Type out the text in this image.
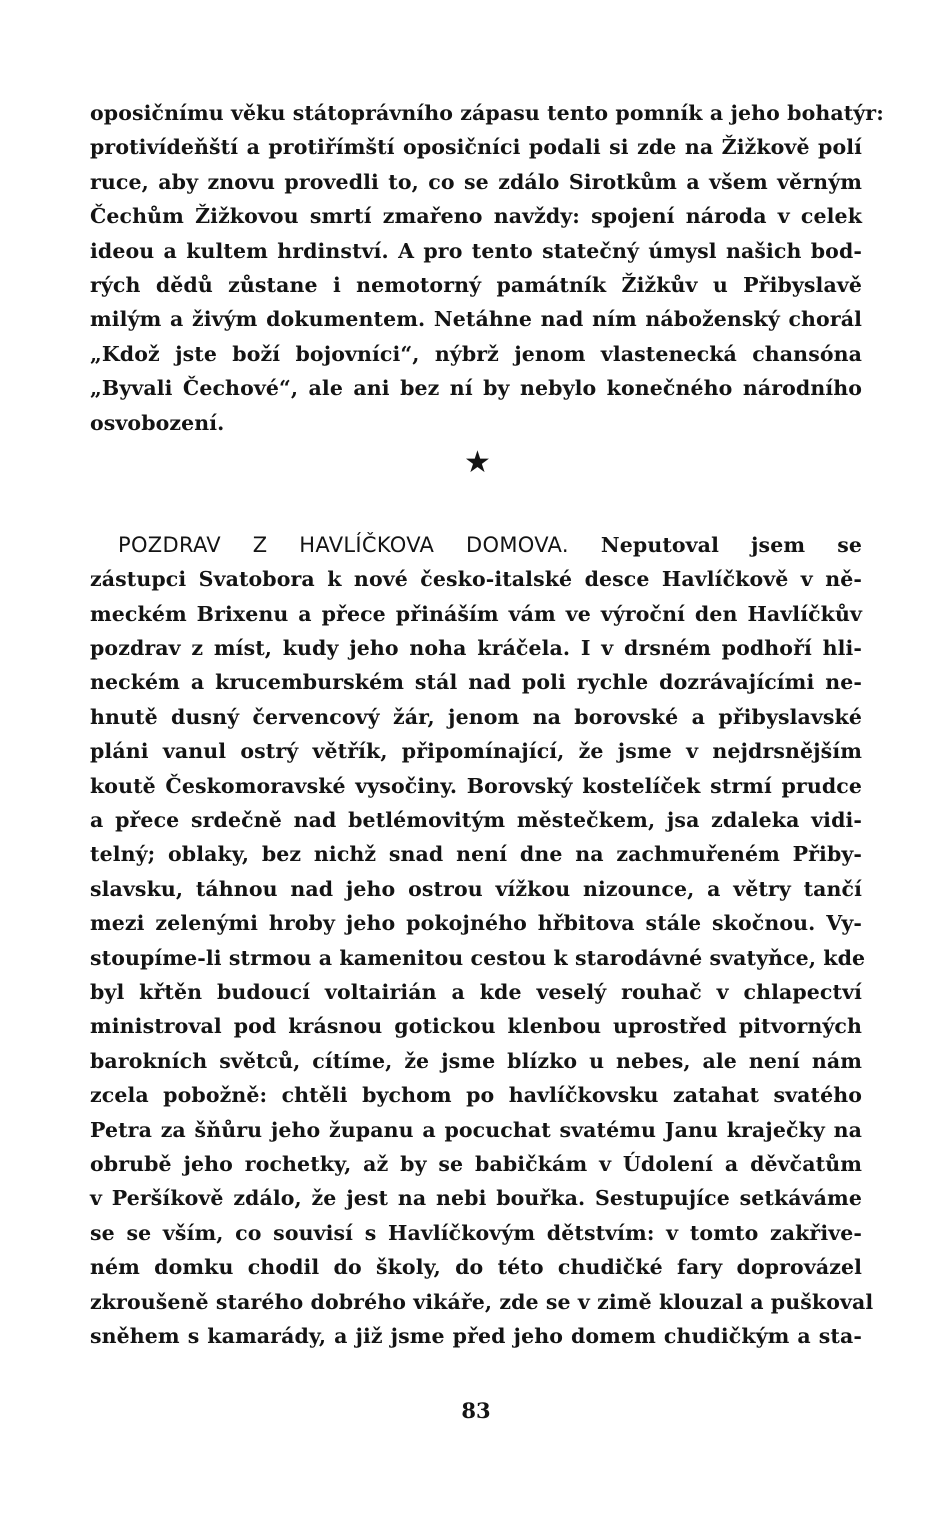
oposičnímu věku státoprávního zápasu tento pomník a jeho bohatýr:
protivídeňští a protiřímští oposičníci podali si zde na Žižkově polí
ruce, aby znovu provedli to, co se zdálo Sirotkům a všem věrným
Čechům Žižkovou smrtí zmařeno navždy: spojení národa v celek
ideou a kultem hrdinství. A pro tento statečný úmysl našich bod-
rých dědů zůstane i nemotorný památník Žižkův u Přibyslavě
milým a živým dokumentem. Netáhne nad ním náboženský chorál
„Kdož jste boží bojovníci“, nýbrž jenom vlastenecká chansóna
„Byvali Čechové“, ale ani bez ní by nebylo konečného národního
osvobození.
★
POZDRAV Z HAVLÍČKOVA DOMOVA. Neputoval jsem se
zástupci Svatobora k nové česko-italské desce Havlíčkově v ně-
meckém Brixenu a přece přináším vám ve výroční den Havlíčkův
pozdrav z míst, kudy jeho noha kráčela. I v drsném podhoří hli-
neckém a krucemburském stál nad poli rychle dozrávajícími ne-
hnutě dusný červencový žár, jenom na borovské a přibyslavské
pláni vanul ostrý větřík, připomínající, že jsme v nejdrsnějším
koutě Českomoravské vysočiny. Borovský kostelíček strmí prudce
a přece srdečně nad betlémovitým městečkem, jsa zdaleka vidi-
telný; oblaky, bez nichž snad není dne na zachmuřeném Přiby-
slavsku, táhnou nad jeho ostrou vížkou nizounce, a větry tančí
mezi zelenými hroby jeho pokojného hřbitova stále skočnou. Vy-
stoupíme-li strmou a kamenitou cestou k starodávné svatyňce, kde
byl křtěn budoucí voltairián a kde veselý rouhač v chlapectví
ministroval pod krásnou gotickou klenbou uprostřed pitvorných
barokních světců, cítíme, že jsme blízko u nebes, ale není nám
zcela pobožně: chtěli bychom po havlíčkovsku zatahat svatého
Petra za šňůru jeho županu a pocuchat svatému Janu kraječky na
obrubě jeho rochetky, až by se babičkám v Údolení a děvčatům
v Peršíkově zdálo, že jest na nebi bouřka. Sestupujíce setkáváme
se se vším, co souvisí s Havlíčkovým dětstvím: v tomto zakřive-
ném domku chodil do školy, do této chudičké fary doprovázel
zkroušeně starého dobrého vikáře, zde se v zimě klouzal a puškoval
sněhem s kamarády, a již jsme před jeho domem chudičkým a sta-
83
